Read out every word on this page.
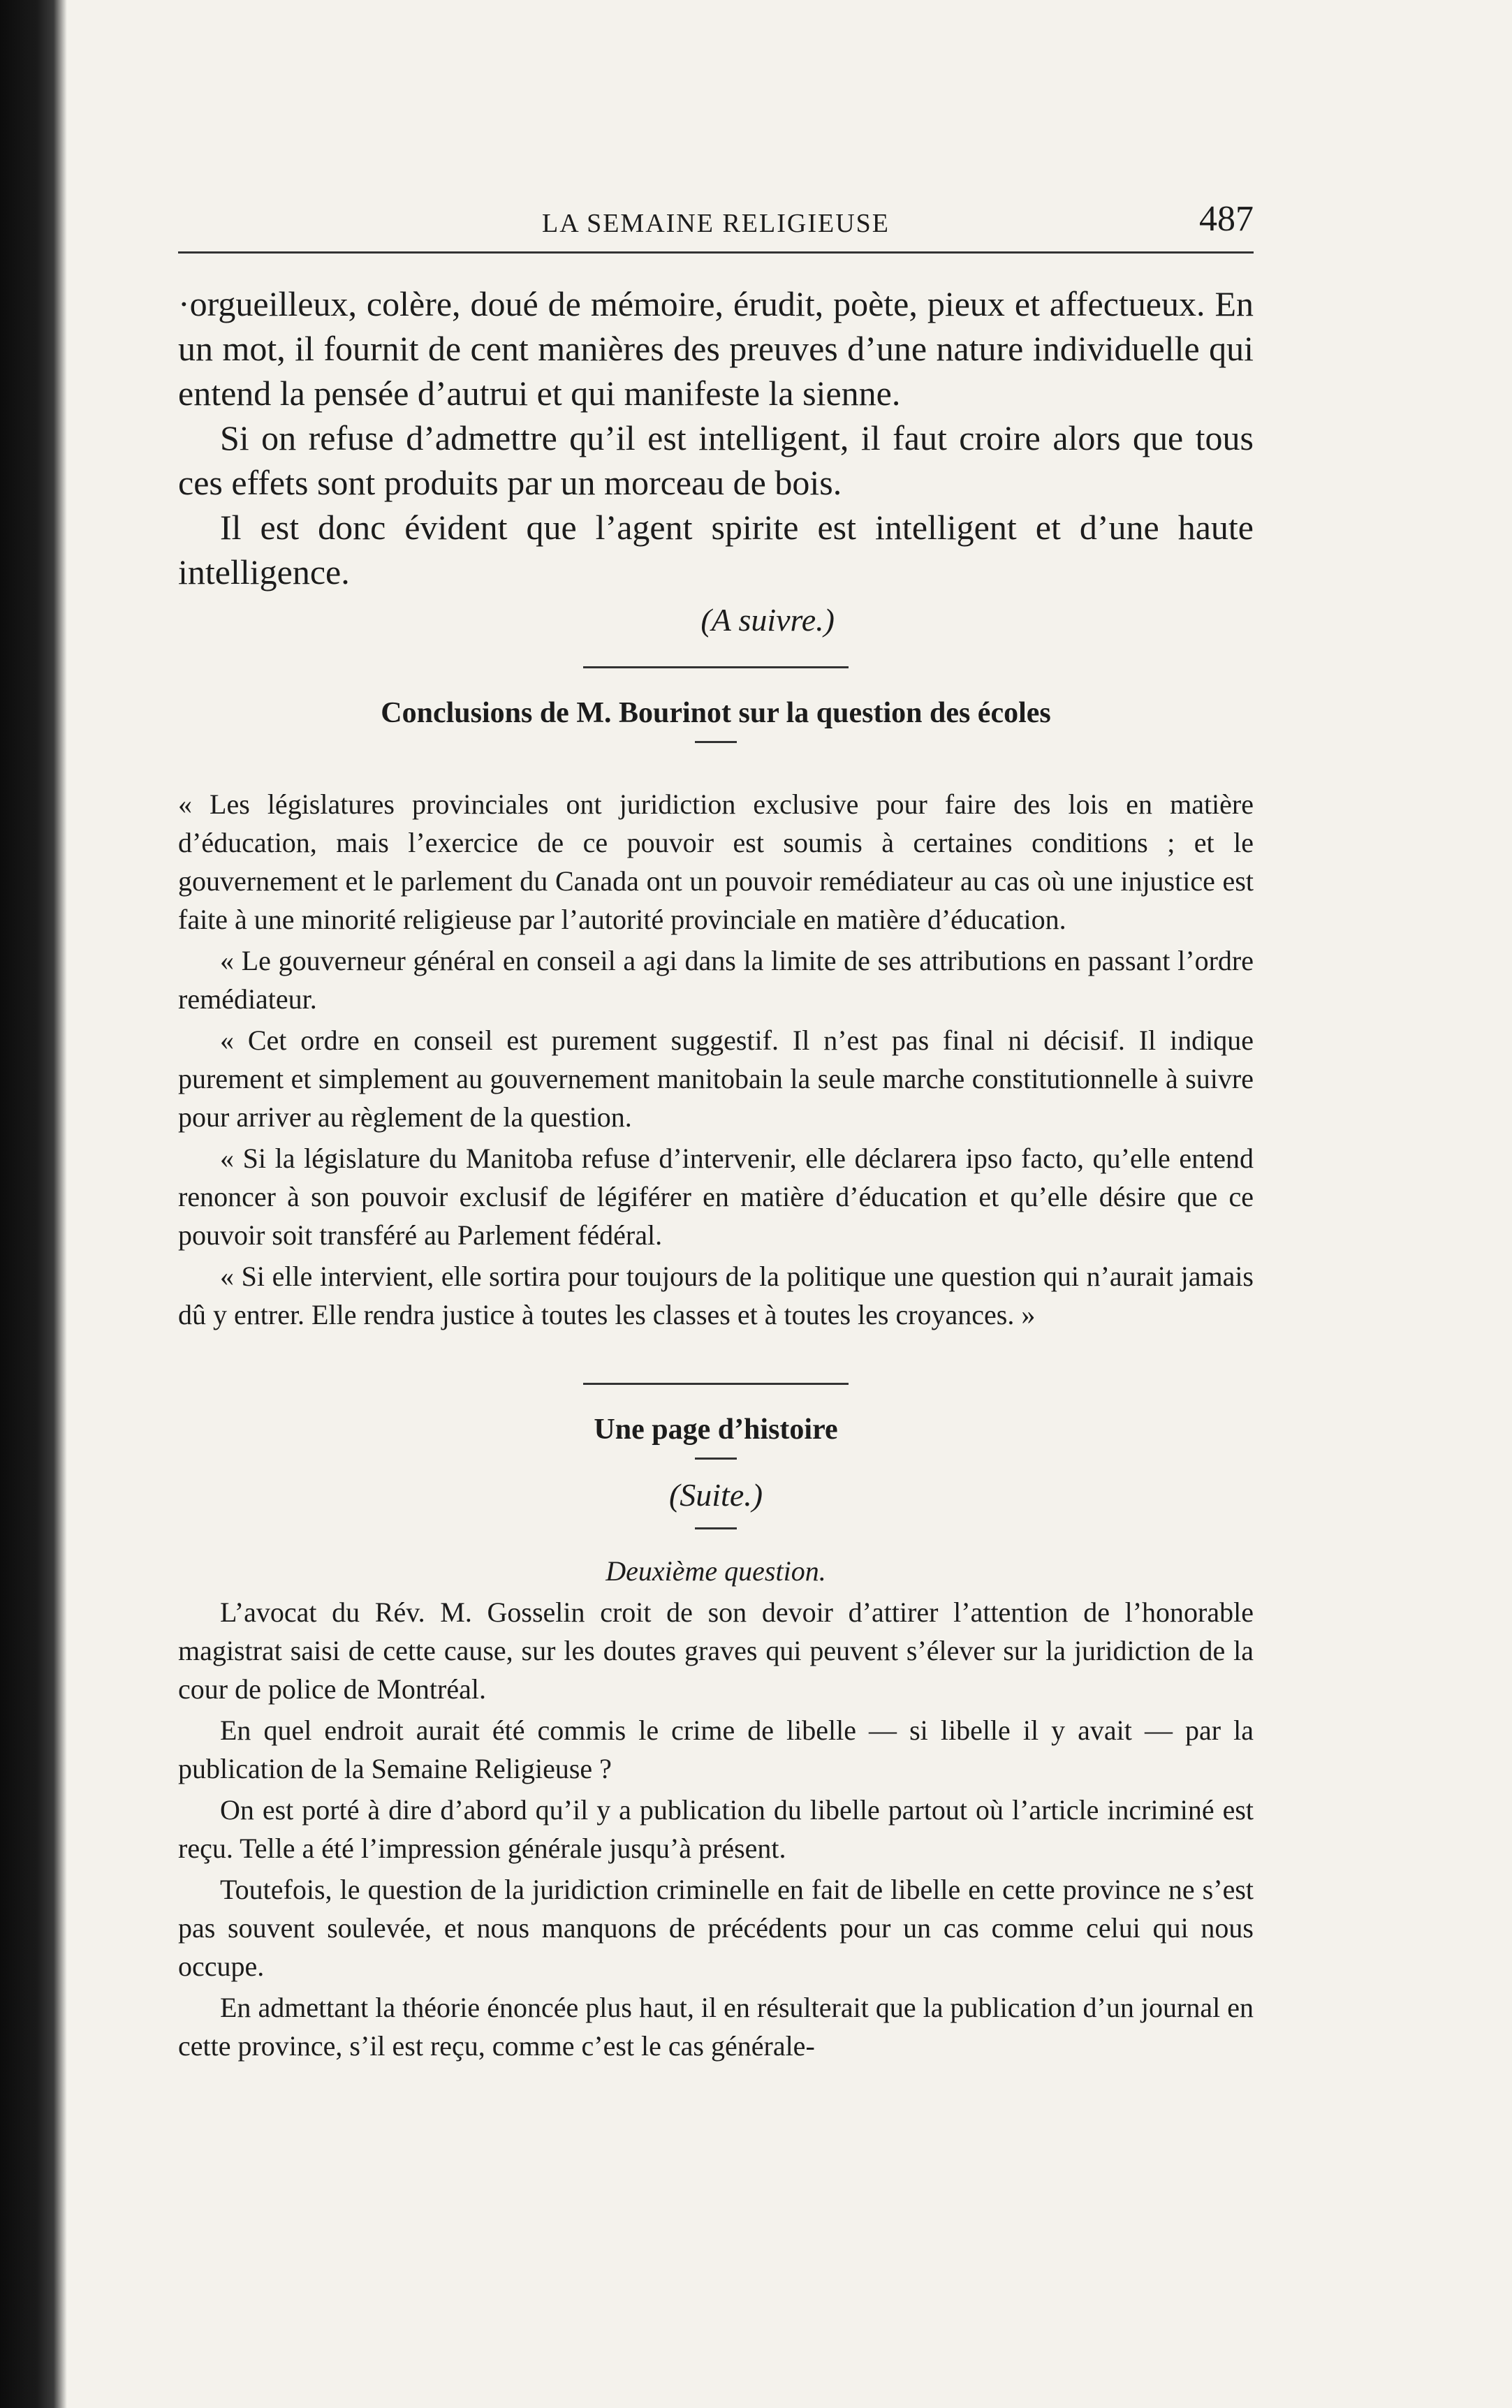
LA SEMAINE RELIGIEUSE	487

·orgueilleux, colère, doué de mémoire, érudit, poète, pieux et affectueux. En un mot, il fournit de cent manières des preuves d’une nature individuelle qui entend la pensée d’autrui et qui manifeste la sienne.

Si on refuse d’admettre qu’il est intelligent, il faut croire alors que tous ces effets sont produits par un morceau de bois.

Il est donc évident que l’agent spirite est intelligent et d’une haute intelligence.

(A suivre.)
Conclusions de M. Bourinot sur la question des écoles

« Les législatures provinciales ont juridiction exclusive pour faire des lois en matière d’éducation, mais l’exercice de ce pouvoir est soumis à certaines conditions ; et le gouvernement et le parlement du Canada ont un pouvoir remédiateur au cas où une injustice est faite à une minorité religieuse par l’autorité provinciale en matière d’éducation.

« Le gouverneur général en conseil a agi dans la limite de ses attributions en passant l’ordre remédiateur.

« Cet ordre en conseil est purement suggestif. Il n’est pas final ni décisif. Il indique purement et simplement au gouvernement manitobain la seule marche constitutionnelle à suivre pour arriver au règlement de la question.

« Si la législature du Manitoba refuse d’intervenir, elle déclarera ipso facto, qu’elle entend renoncer à son pouvoir exclusif de légiférer en matière d’éducation et qu’elle désire que ce pouvoir soit transféré au Parlement fédéral.

« Si elle intervient, elle sortira pour toujours de la politique une question qui n’aurait jamais dû y entrer. Elle rendra justice à toutes les classes et à toutes les croyances. »

Une page d’histoire
(Suite.)
Deuxième question.

L’avocat du Rév. M. Gosselin croit de son devoir d’attirer l’attention de l’honorable magistrat saisi de cette cause, sur les doutes graves qui peuvent s’élever sur la juridiction de la cour de police de Montréal.

En quel endroit aurait été commis le crime de libelle — si libelle il y avait — par la publication de la Semaine Religieuse ?

On est porté à dire d’abord qu’il y a publication du libelle partout où l’article incriminé est reçu. Telle a été l’impression générale jusqu’à présent.

Toutefois, le question de la juridiction criminelle en fait de libelle en cette province ne s’est pas souvent soulevée, et nous manquons de précédents pour un cas comme celui qui nous occupe.

En admettant la théorie énoncée plus haut, il en résulterait que la publication d’un journal en cette province, s’il est reçu, comme c’est le cas générale-
